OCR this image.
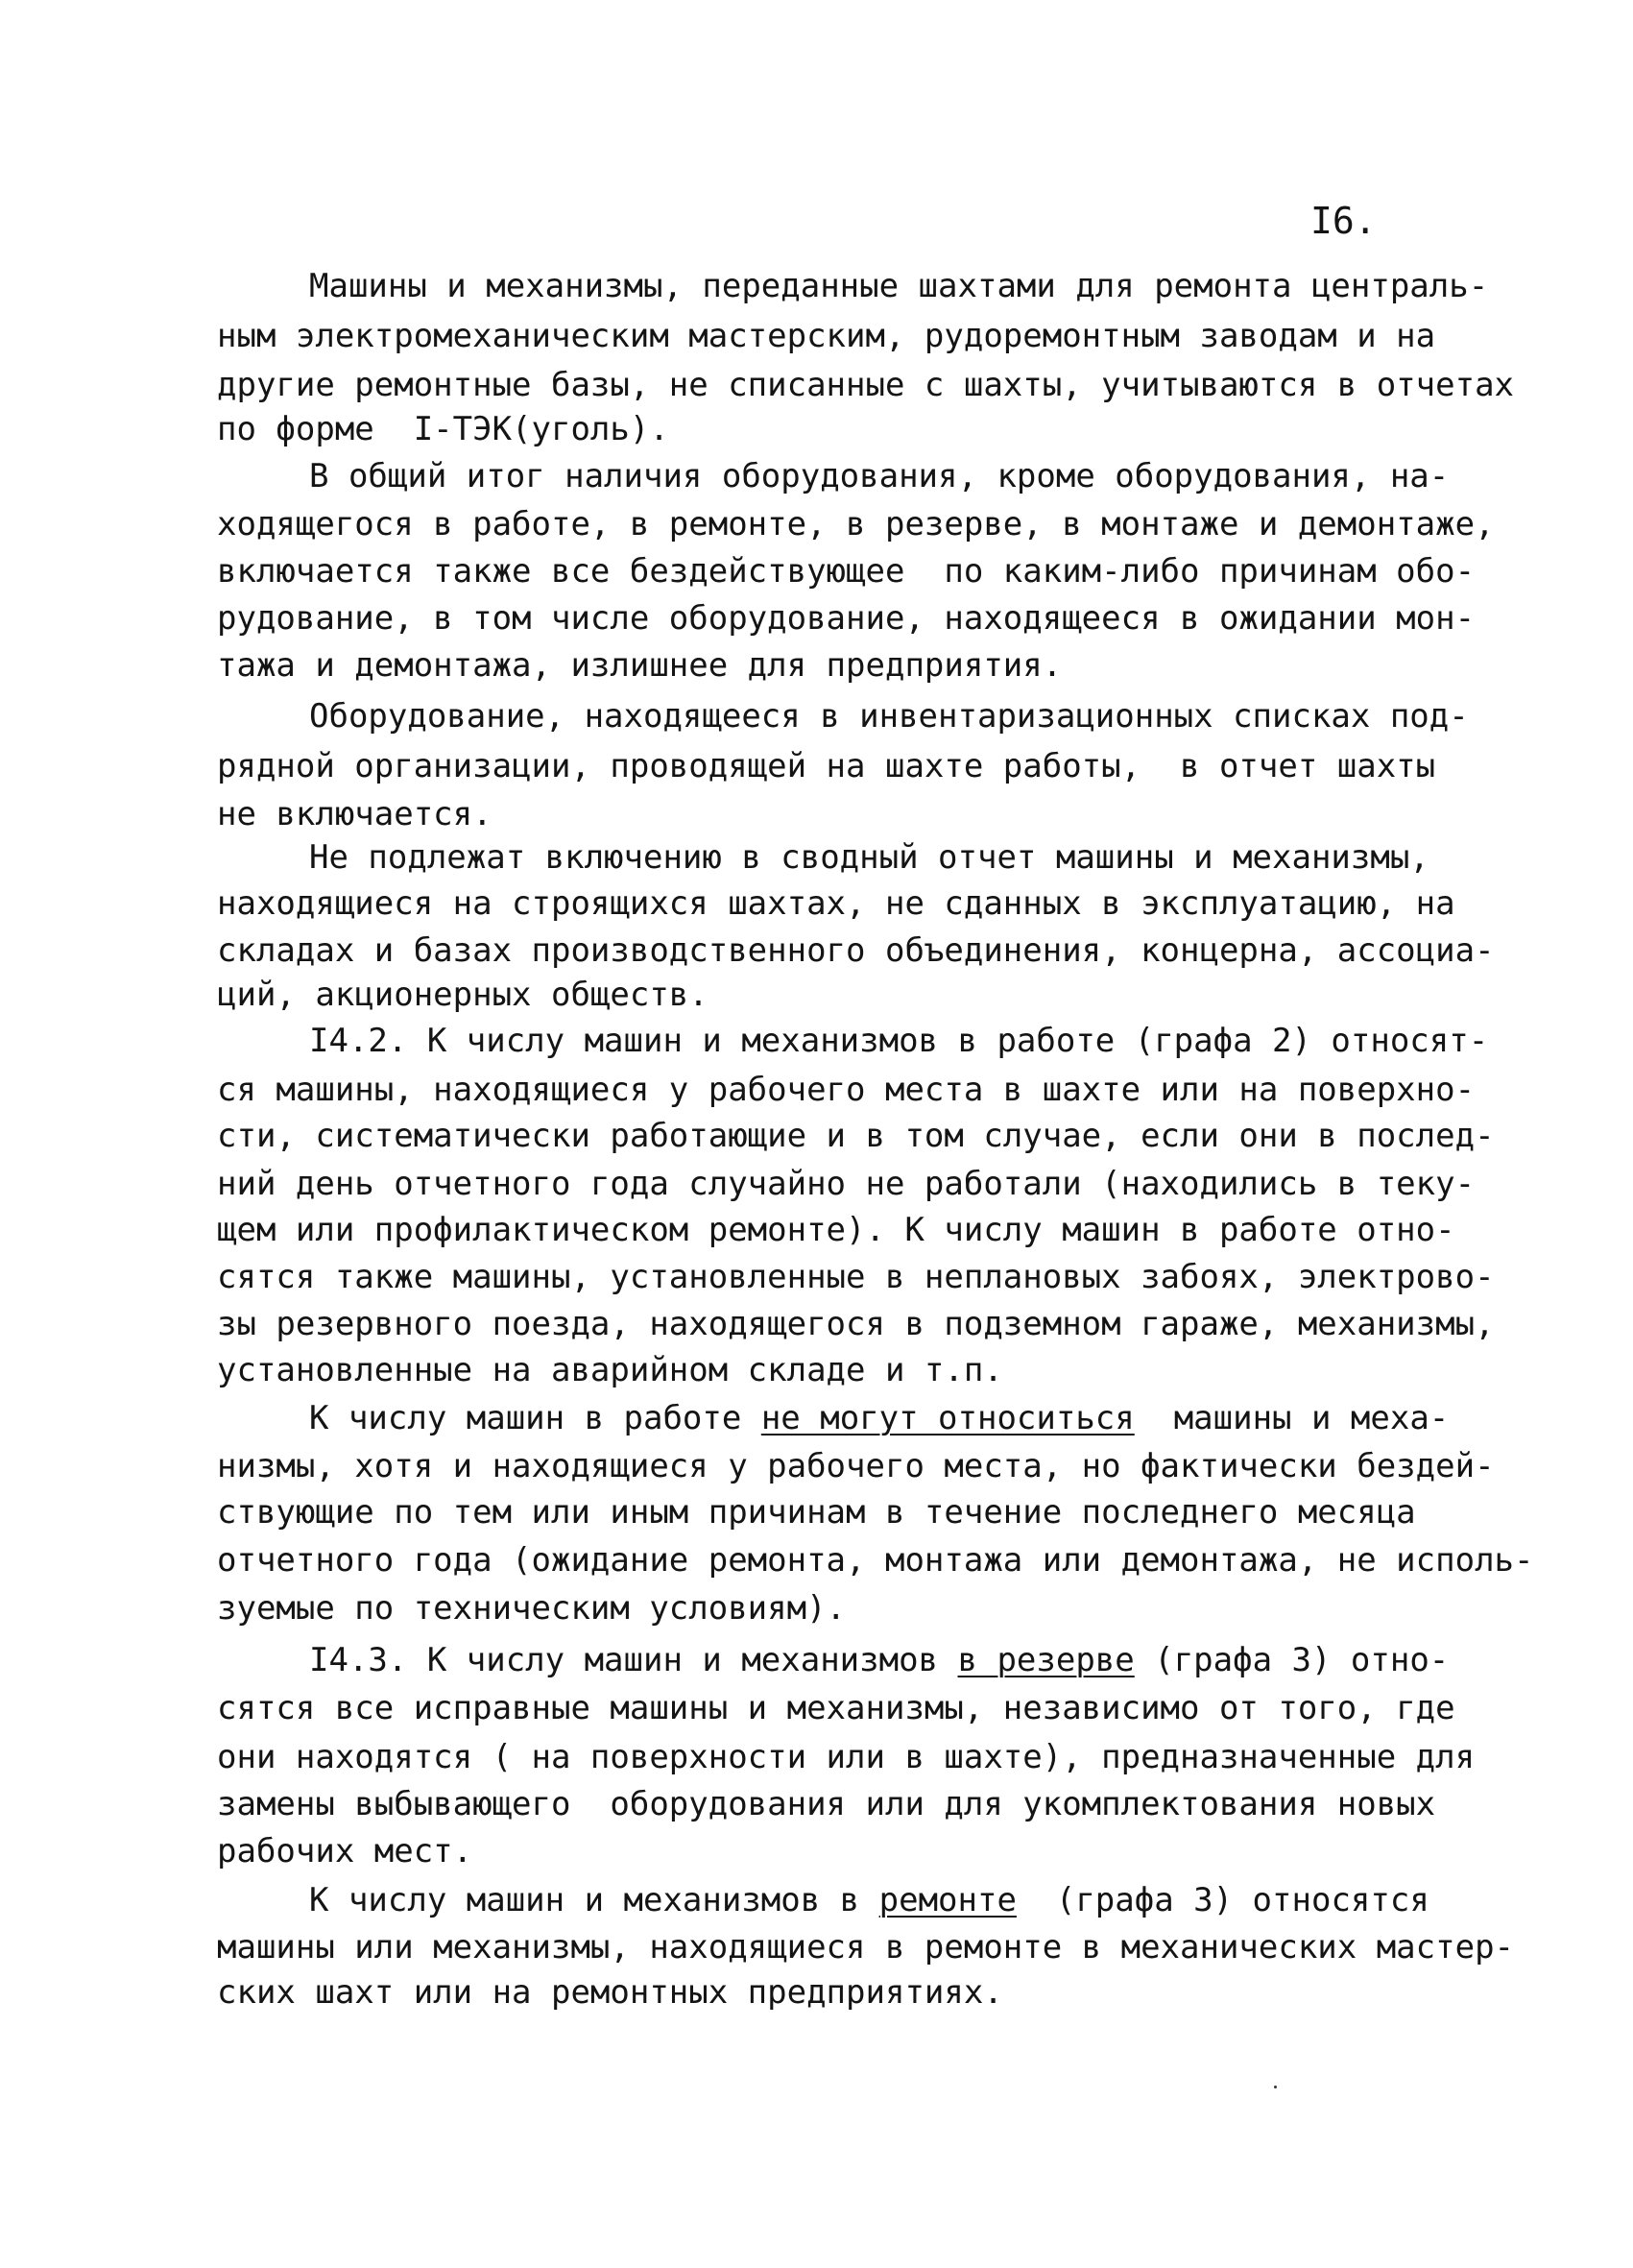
I6.
Машины и механизмы, переданные шахтами для ремонта централь-
ным электромеханическим мастерским, рудоремонтным заводам и на
другие ремонтные базы, не списанные с шахты, учитываются в отчетах
по форме  I-ТЭК(уголь).
В общий итог наличия оборудования, кроме оборудования, на-
ходящегося в работе, в ремонте, в резерве, в монтаже и демонтаже,
включается также все бездействующее  по каким-либо причинам обо-
рудование, в том числе оборудование, находящееся в ожидании мон-
тажа и демонтажа, излишнее для предприятия.
Оборудование, находящееся в инвентаризационных списках под-
рядной организации, проводящей на шахте работы,  в отчет шахты
не включается.
Не подлежат включению в сводный отчет машины и механизмы,
находящиеся на строящихся шахтах, не сданных в эксплуатацию, на
складах и базах производственного объединения, концерна, ассоциа-
ций, акционерных обществ.
I4.2. К числу машин и механизмов в работе (графа 2) относят-
ся машины, находящиеся у рабочего места в шахте или на поверхно-
сти, систематически работающие и в том случае, если они в послед-
ний день отчетного года случайно не работали (находились в теку-
щем или профилактическом ремонте). К числу машин в работе отно-
сятся также машины, установленные в неплановых забоях, электрово-
зы резервного поезда, находящегося в подземном гараже, механизмы,
установленные на аварийном складе и т.п.
К числу машин в работе не могут относиться  машины и меха-
низмы, хотя и находящиеся у рабочего места, но фактически бездей-
ствующие по тем или иным причинам в течение последнего месяца
отчетного года (ожидание ремонта, монтажа или демонтажа, не исполь-
зуемые по техническим условиям).
I4.3. К числу машин и механизмов в резерве (графа 3) отно-
сятся все исправные машины и механизмы, независимо от того, где
они находятся ( на поверхности или в шахте), предназначенные для
замены выбывающего  оборудования или для укомплектования новых
рабочих мест.
К числу машин и механизмов в ремонте  (графа 3) относятся
машины или механизмы, находящиеся в ремонте в механических мастер-
ских шахт или на ремонтных предприятиях.
